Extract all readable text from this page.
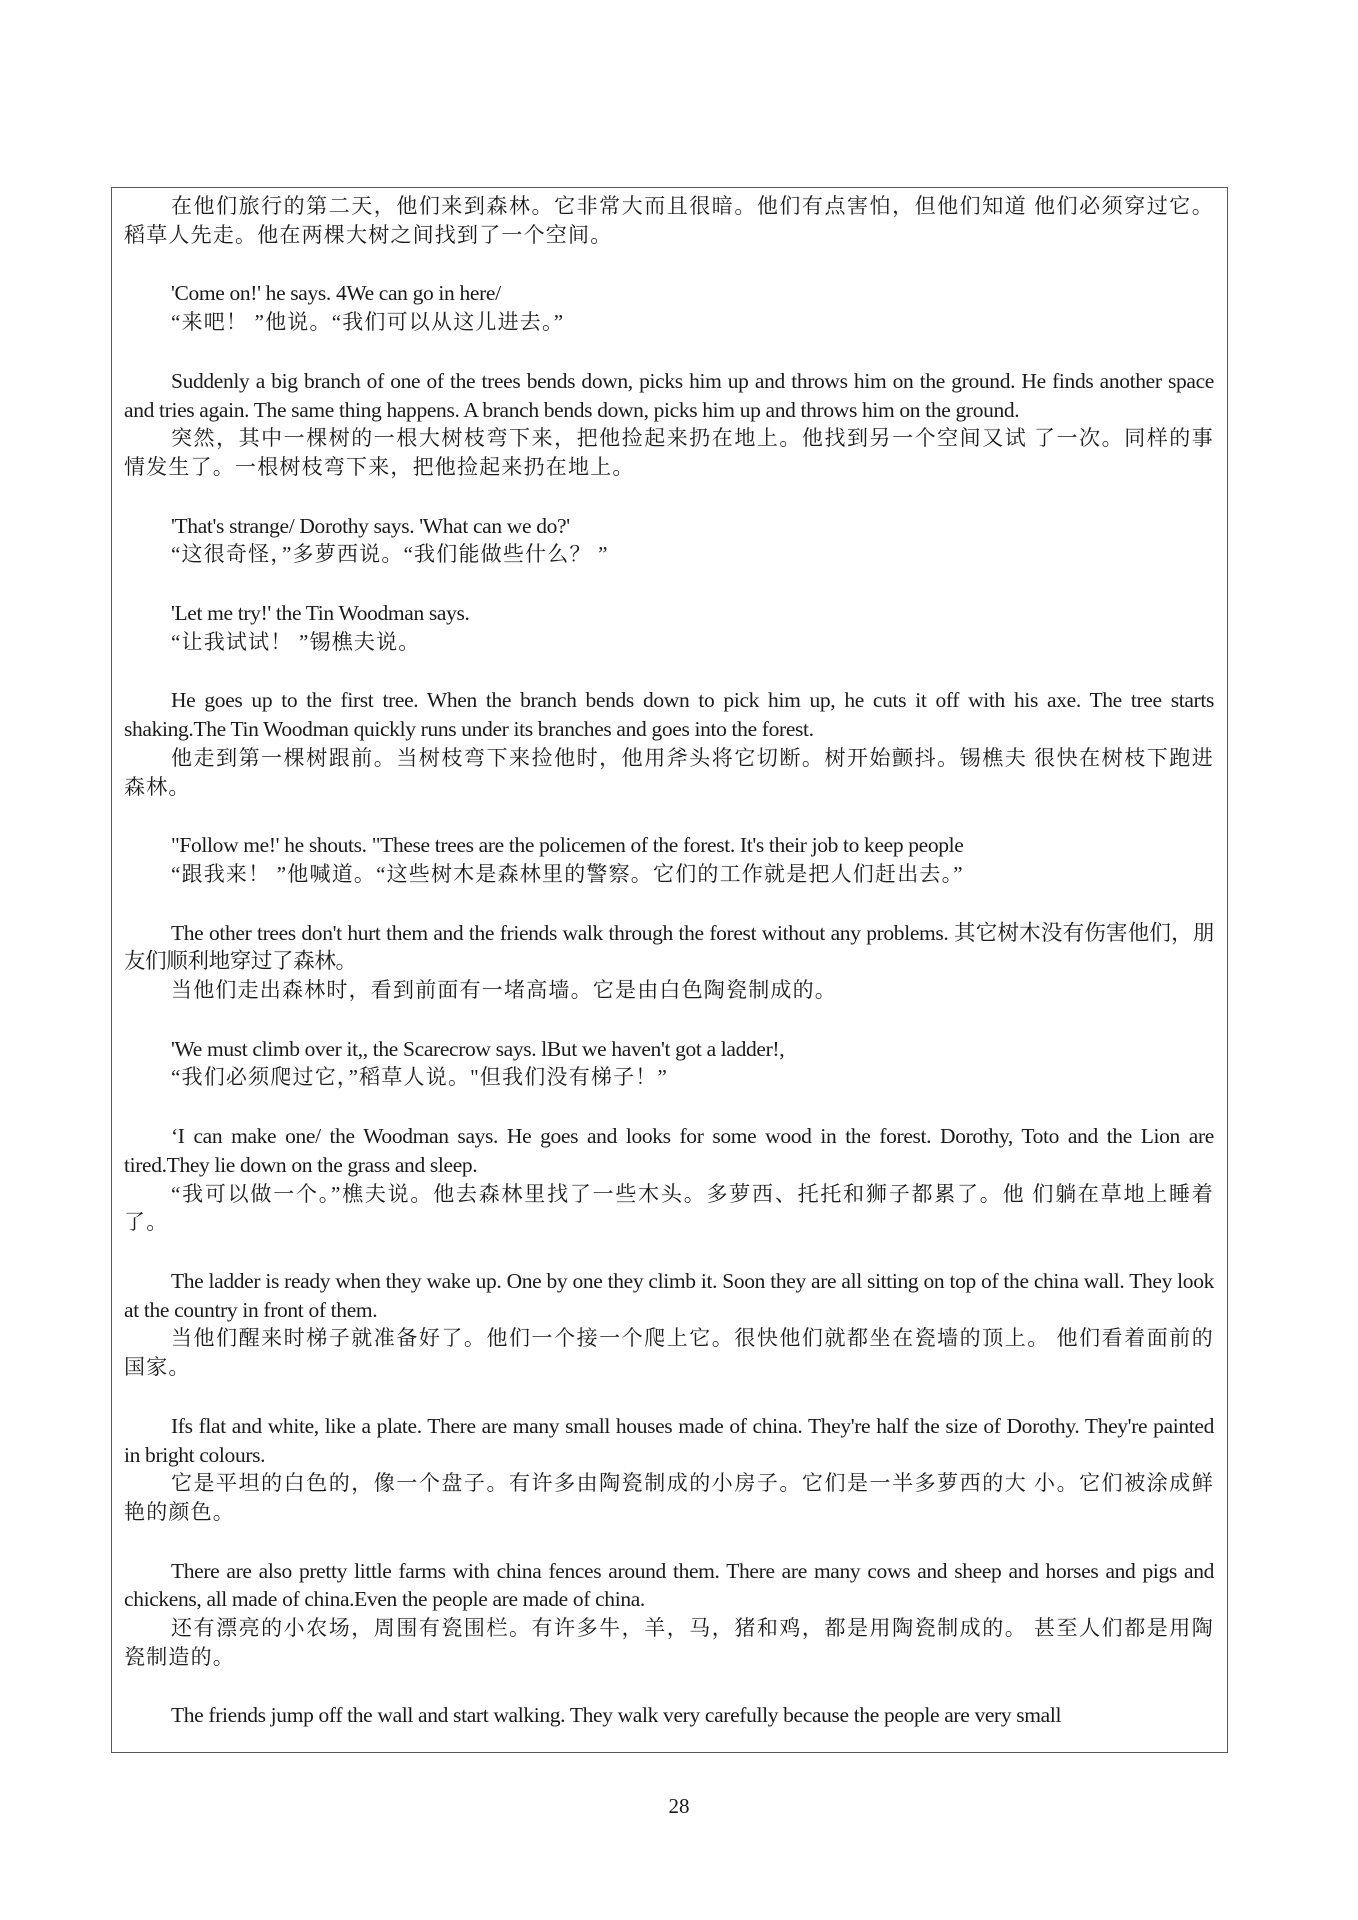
在他们旅行的第二天，他们来到森林。它非常大而且很暗。他们有点害怕，但他们知道 他们必须穿过它。稻草人先走。他在两棵大树之间找到了一个空间。

'Come on!' he says. 4We can go in here/

“来吧！ ”他说。“我们可以从这儿进去。”

Suddenly a big branch of one of the trees bends down, picks him up and throws him on the ground. He finds another space and tries again. The same thing happens. A branch bends down, picks him up and throws him on the ground.

突然，其中一棵树的一根大树枝弯下来，把他捡起来扔在地上。他找到另一个空间又试 了一次。同样的事情发生了。一根树枝弯下来，把他捡起来扔在地上。

'That's strange/ Dorothy says. 'What can we do?'

“这很奇怪，”多萝西说。“我们能做些什么？ ”

'Let me try!' the Tin Woodman says.

“让我试试！ ”锡樵夫说。

He goes up to the first tree. When the branch bends down to pick him up, he cuts it off with his axe. The tree starts shaking.The Tin Woodman quickly runs under its branches and goes into the forest.

他走到第一棵树跟前。当树枝弯下来捡他时，他用斧头将它切断。树开始颤抖。锡樵夫 很快在树枝下跑进森林。

"Follow me!' he shouts. "These trees are the policemen of the forest. It's their job to keep people

“跟我来！ ”他喊道。“这些树木是森林里的警察。它们的工作就是把人们赶出去。”

The other trees don't hurt them and the friends walk through the forest without any problems. 其它树木没有伤害他们，朋友们顺利地穿过了森林。

当他们走出森林时，看到前面有一堵高墙。它是由白色陶瓷制成的。

'We must climb over it,, the Scarecrow says. lBut we haven't got a ladder!,

“我们必须爬过它，”稻草人说。"但我们没有梯子！”

‘I can make one/ the Woodman says. He goes and looks for some wood in the forest. Dorothy, Toto and the Lion are tired.They lie down on the grass and sleep.

“我可以做一个。”樵夫说。他去森林里找了一些木头。多萝西、托托和狮子都累了。他 们躺在草地上睡着了。

The ladder is ready when they wake up. One by one they climb it. Soon they are all sitting on top of the china wall. They look at the country in front of them.

当他们醒来时梯子就准备好了。他们一个接一个爬上它。很快他们就都坐在瓷墙的顶上。 他们看着面前的国家。

Ifs flat and white, like a plate. There are many small houses made of china. They're half the size of Dorothy. They're painted in bright colours.

它是平坦的白色的，像一个盘子。有许多由陶瓷制成的小房子。它们是一半多萝西的大 小。它们被涂成鲜艳的颜色。

There are also pretty little farms with china fences around them. There are many cows and sheep and horses and pigs and chickens, all made of china.Even the people are made of china.

还有漂亮的小农场，周围有瓷围栏。有许多牛，羊，马，猪和鸡，都是用陶瓷制成的。 甚至人们都是用陶瓷制造的。

The friends jump off the wall and start walking. They walk very carefully because the people are very small

28
